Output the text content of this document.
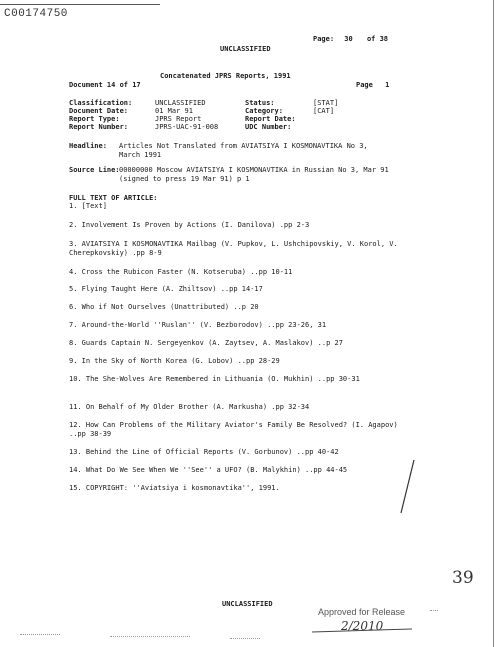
C00174750
Page: 30 of 38
UNCLASSIFIED
Concatenated JPRS Reports, 1991
Document 14 of 17	Page 1
Classification:	UNCLASSIFIED	Status:	[STAT]
Document Date:	01 Mar 91	Category:	[CAT]
Report Type:	JPRS Report	Report Date:
Report Number:	JPRS-UAC-91-008	UDC Number:
Headline: Articles Not Translated from AVIATSIYA I KOSMONAVTIKA No 3, March 1991
Source Line: 00000000 Moscow AVIATSIYA I KOSMONAVTIKA in Russian No 3, Mar 91 (signed to press 19 Mar 91) p 1
FULL TEXT OF ARTICLE:
1. [Text]
2. Involvement Is Proven by Actions (I. Danilova) .pp 2-3
3. AVIATSIYA I KOSMONAVTIKA Mailbag (V. Pupkov, L. Ushchipovskiy, V. Korol, V. Cherepkovskiy) .pp 8-9
4. Cross the Rubicon Faster (N. Kotseruba) ..pp 10-11
5. Flying Taught Here (A. Zhiltsov) ..pp 14-17
6. Who if Not Ourselves (Unattributed) ..p 20
7. Around-the-World ''Ruslan'' (V. Bezborodov) ..pp 23-26, 31
8. Guards Captain N. Sergeyenkov (A. Zaytsev, A. Maslakov) ..p 27
9. In the Sky of North Korea (G. Lobov) ..pp 28-29
10. The She-Wolves Are Remembered in Lithuania (O. Mukhin) ..pp 30-31
11. On Behalf of My Older Brother (A. Markusha) .pp 32-34
12. How Can Problems of the Military Aviator's Family Be Resolved? (I. Agapov) ..pp 38-39
13. Behind the Line of Official Reports (V. Gorbunov) ..pp 40-42
14. What Do We See When We ''See'' a UFO? (B. Malykhin) ..pp 44-45
15. COPYRIGHT: ''Aviatsiya i kosmonavtika'', 1991.
39
UNCLASSIFIED
Approved for Release
2/2010
